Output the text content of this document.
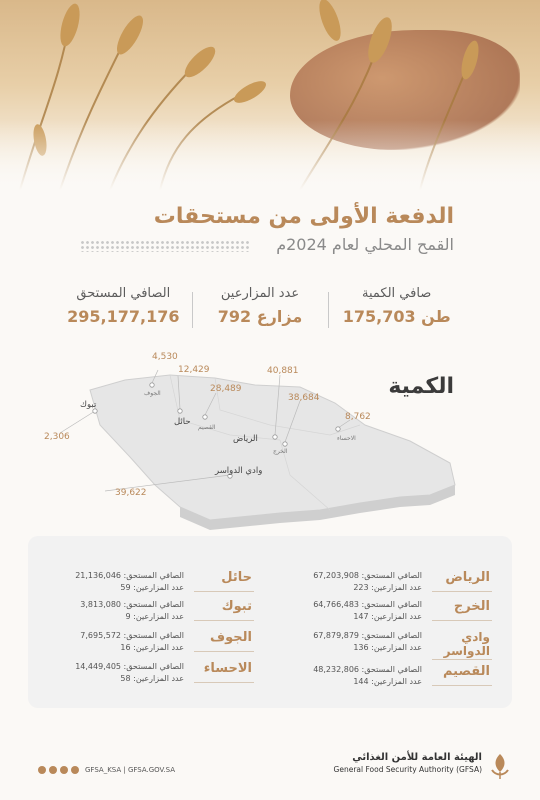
الدفعة الأولى من مستحقات
القمح المحلي لعام 2024م
الصافي المستحق
295,177,176
عدد المزارعين
792 مزارع
صافي الكمية
175,703 طن
4,530
12,429
28,489
40,881
38,684
8,762
2,306
39,622
الجوف
حائل
القصيم
الرياض
الخرج
الاحساء
تبوك
وادي الدواسر
الكمية
الرياض
الصافي المستحق: 67,203,908
عدد المزارعين: 223
الخرج
الصافي المستحق: 64,766,483
عدد المزارعين: 147
وادي الدواسر
الصافي المستحق: 67,879,879
عدد المزارعين: 136
القصيم
الصافي المستحق: 48,232,806
عدد المزارعين: 144
حائل
الصافي المستحق: 21,136,046
عدد المزارعين: 59
تبوك
الصافي المستحق: 3,813,080
عدد المزارعين: 9
الجوف
الصافي المستحق: 7,695,572
عدد المزارعين: 16
الاحساء
الصافي المستحق: 14,449,405
عدد المزارعين: 58
GFSA_KSA | GFSA.GOV.SA
الهيئة العامة للأمن الغذائي
General Food Security Authority (GFSA)
